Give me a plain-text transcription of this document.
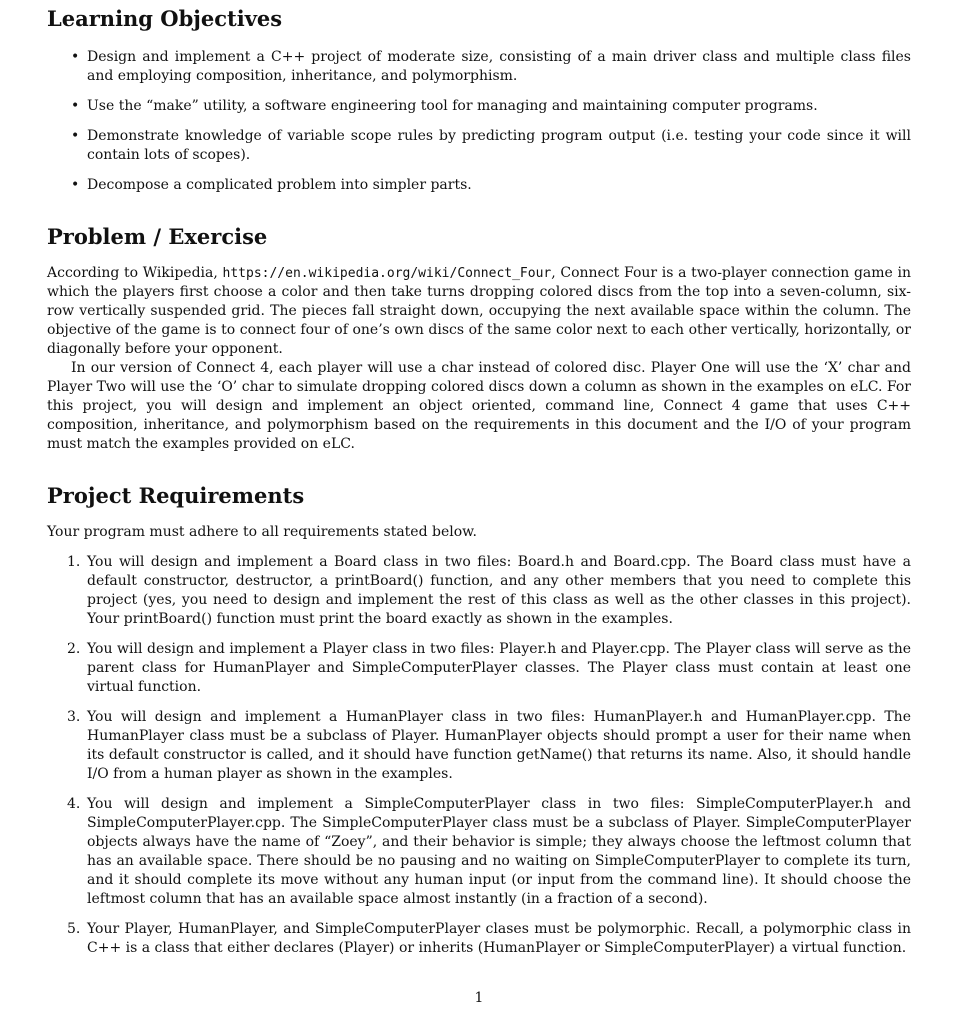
Learning Objectives
• Design and implement a C++ project of moderate size, consisting of a main driver class and multiple class files and employing composition, inheritance, and polymorphism.
• Use the “make” utility, a software engineering tool for managing and maintaining computer programs.
• Demonstrate knowledge of variable scope rules by predicting program output (i.e. testing your code since it will contain lots of scopes).
• Decompose a complicated problem into simpler parts.
Problem / Exercise

According to Wikipedia, https://en.wikipedia.org/wiki/Connect_Four, Connect Four is a two-player connection game in which the players first choose a color and then take turns dropping colored discs from the top into a seven-column, six-row vertically suspended grid. The pieces fall straight down, occupying the next available space within the column. The objective of the game is to connect four of one’s own discs of the same color next to each other vertically, horizontally, or diagonally before your opponent.

In our version of Connect 4, each player will use a char instead of colored disc. Player One will use the ‘X’ char and Player Two will use the ‘O’ char to simulate dropping colored discs down a column as shown in the examples on eLC. For this project, you will design and implement an object oriented, command line, Connect 4 game that uses C++ composition, inheritance, and polymorphism based on the requirements in this document and the I/O of your program must match the examples provided on eLC.

Project Requirements

Your program must adhere to all requirements stated below.

1. You will design and implement a Board class in two files: Board.h and Board.cpp. The Board class must have a default constructor, destructor, a printBoard() function, and any other members that you need to complete this project (yes, you need to design and implement the rest of this class as well as the other classes in this project). Your printBoard() function must print the board exactly as shown in the examples.
2. You will design and implement a Player class in two files: Player.h and Player.cpp. The Player class will serve as the parent class for HumanPlayer and SimpleComputerPlayer classes. The Player class must contain at least one virtual function.
3. You will design and implement a HumanPlayer class in two files: HumanPlayer.h and HumanPlayer.cpp. The HumanPlayer class must be a subclass of Player. HumanPlayer objects should prompt a user for their name when its default constructor is called, and it should have function getName() that returns its name. Also, it should handle I/O from a human player as shown in the examples.
4. You will design and implement a SimpleComputerPlayer class in two files: SimpleComputerPlayer.h and SimpleComputerPlayer.cpp. The SimpleComputerPlayer class must be a subclass of Player. SimpleComputerPlayer objects always have the name of “Zoey”, and their behavior is simple; they always choose the leftmost column that has an available space. There should be no pausing and no waiting on SimpleComputerPlayer to complete its turn, and it should complete its move without any human input (or input from the command line). It should choose the leftmost column that has an available space almost instantly (in a fraction of a second).
5. Your Player, HumanPlayer, and SimpleComputerPlayer clases must be polymorphic. Recall, a polymorphic class in C++ is a class that either declares (Player) or inherits (HumanPlayer or SimpleComputerPlayer) a virtual function.
1
